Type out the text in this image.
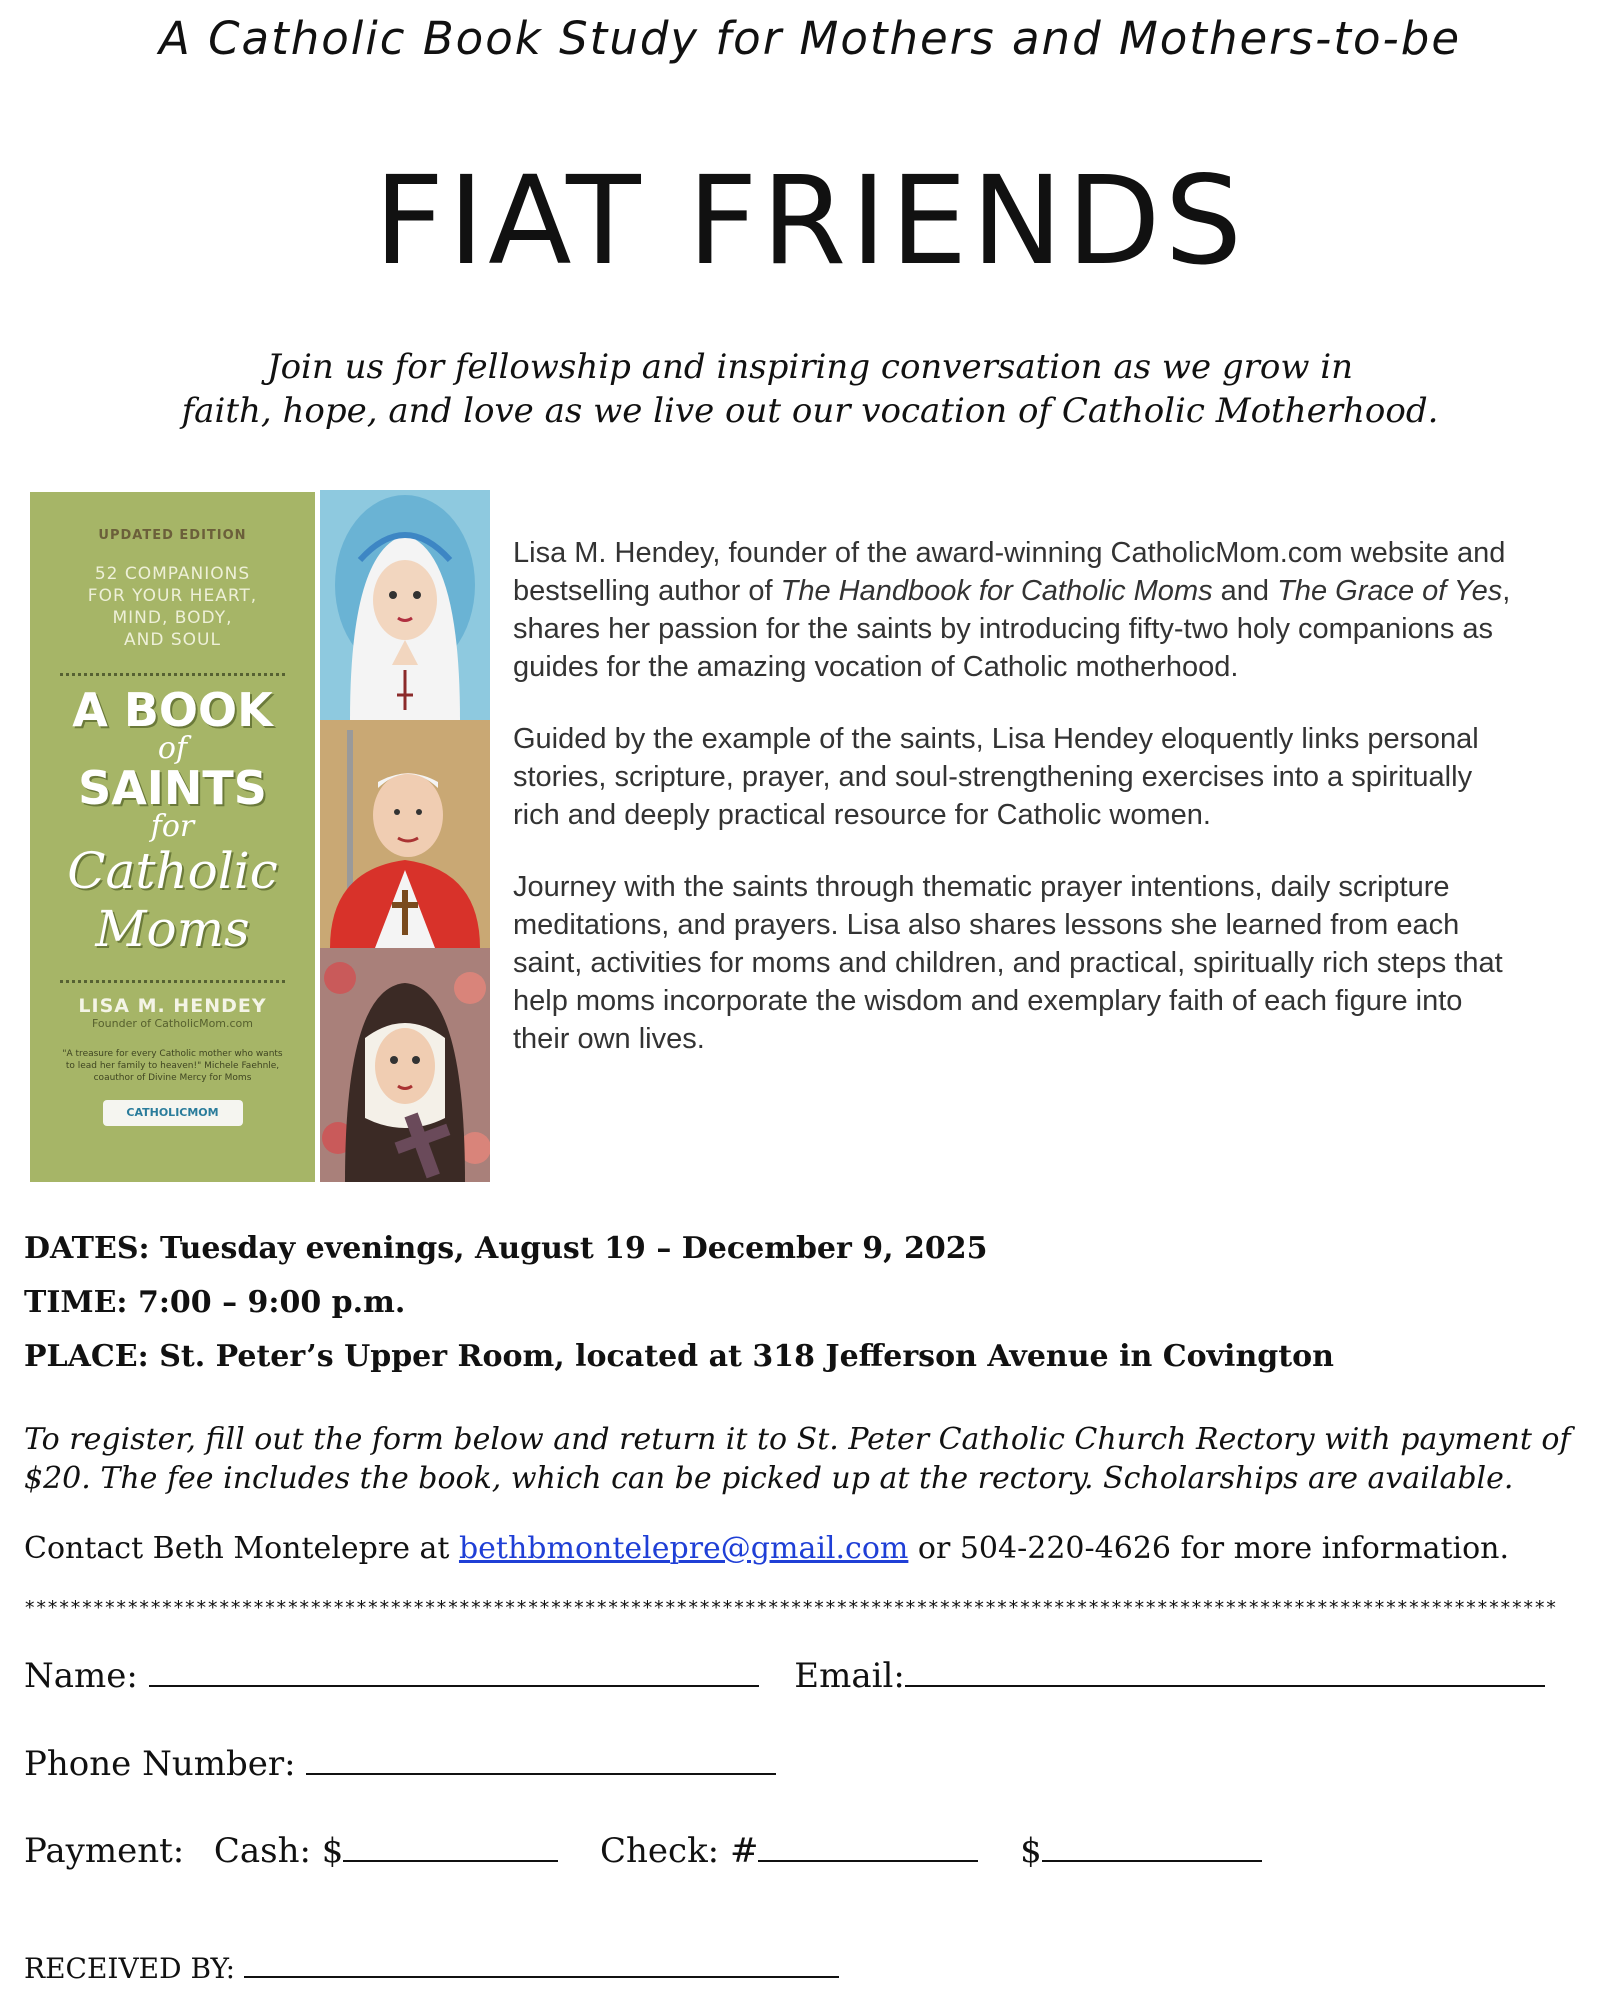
A Catholic Book Study for Mothers and Mothers-to-be
FIAT FRIENDS
Join us for fellowship and inspiring conversation as we grow in
faith, hope, and love as we live out our vocation of Catholic Motherhood.
UPDATED EDITION
52 COMPANIONS
FOR YOUR HEART,
MIND, BODY,
AND SOUL
A BOOK
of
SAINTS
for
Catholic
Moms
LISA M. HENDEY
Founder of CatholicMom.com
"A treasure for every Catholic mother who wants to lead her family to heaven!" Michele Faehnle, coauthor of Divine Mercy for Moms
CATHOLICMOM

Lisa M. Hendey, founder of the award-winning CatholicMom.com website and bestselling author of The Handbook for Catholic Moms and The Grace of Yes, shares her passion for the saints by introducing fifty-two holy companions as guides for the amazing vocation of Catholic motherhood.

Guided by the example of the saints, Lisa Hendey eloquently links personal stories, scripture, prayer, and soul-strengthening exercises into a spiritually rich and deeply practical resource for Catholic women.

Journey with the saints through thematic prayer intentions, daily scripture meditations, and prayers. Lisa also shares lessons she learned from each saint, activities for moms and children, and practical, spiritually rich steps that help moms incorporate the wisdom and exemplary faith of each figure into their own lives.

DATES: Tuesday evenings, August 19 – December 9, 2025
TIME: 7:00 – 9:00 p.m.
PLACE: St. Peter’s Upper Room, located at 318 Jefferson Avenue in Covington
To register, fill out the form below and return it to St. Peter Catholic Church Rectory with payment of $20. The fee includes the book, which can be picked up at the rectory. Scholarships are available.
Contact Beth Montelepre at bethbmontelepre@gmail.com or 504-220-4626 for more information.
**************************************************************************************************************************************
Name:	Email:
Phone Number:
Payment: Cash: $	Check: #	$
RECEIVED BY:
